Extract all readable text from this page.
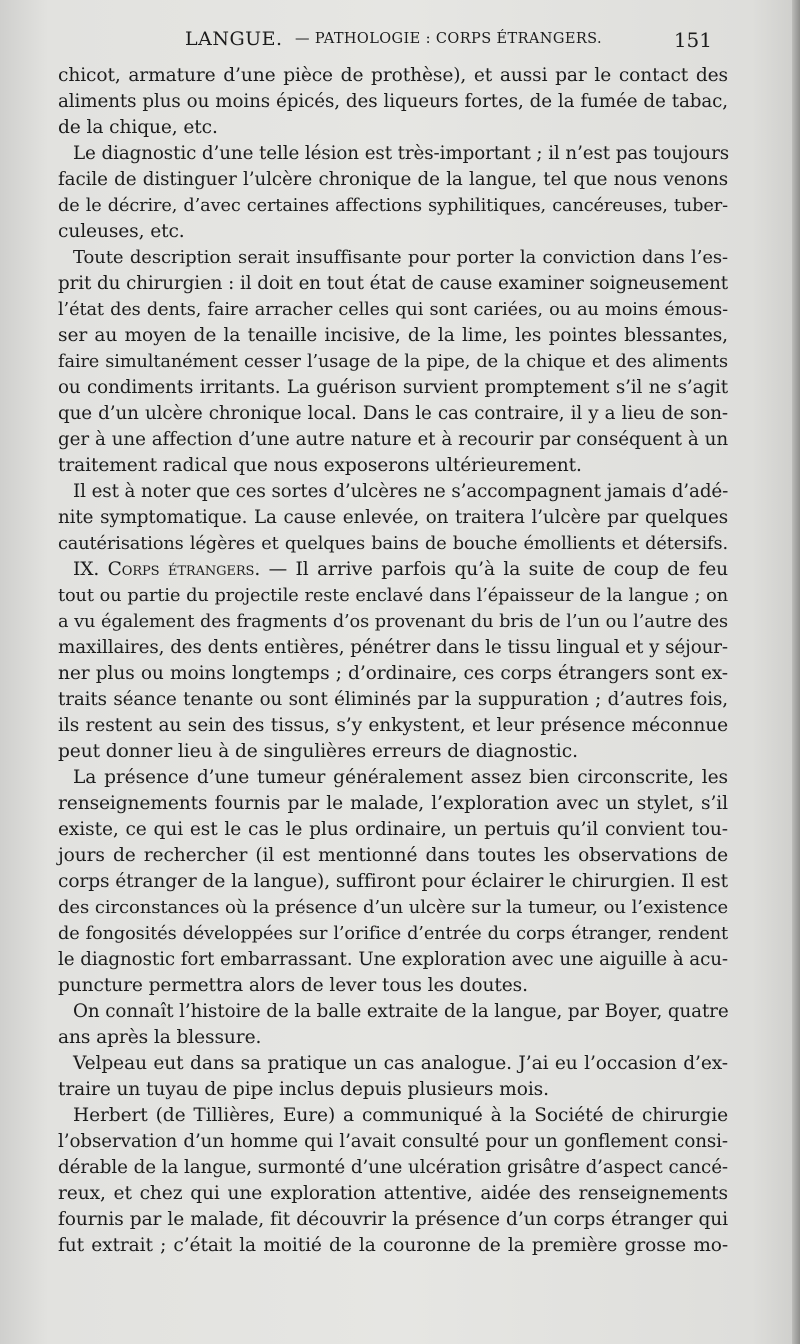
LANGUE. — PATHOLOGIE : CORPS ÉTRANGERS.	151
chicot, armature d’une pièce de prothèse), et aussi par le contact des
aliments plus ou moins épicés, des liqueurs fortes, de la fumée de tabac,
de la chique, etc.
Le diagnostic d’une telle lésion est très-important ; il n’est pas toujours
facile de distinguer l’ulcère chronique de la langue, tel que nous venons
de le décrire, d’avec certaines affections syphilitiques, cancéreuses, tuber-
culeuses, etc.
Toute description serait insuffisante pour porter la conviction dans l’es-
prit du chirurgien : il doit en tout état de cause examiner soigneusement
l’état des dents, faire arracher celles qui sont cariées, ou au moins émous-
ser au moyen de la tenaille incisive, de la lime, les pointes blessantes,
faire simultanément cesser l’usage de la pipe, de la chique et des aliments
ou condiments irritants. La guérison survient promptement s’il ne s’agit
que d’un ulcère chronique local. Dans le cas contraire, il y a lieu de son-
ger à une affection d’une autre nature et à recourir par conséquent à un
traitement radical que nous exposerons ultérieurement.
Il est à noter que ces sortes d’ulcères ne s’accompagnent jamais d’adé-
nite symptomatique. La cause enlevée, on traitera l’ulcère par quelques
cautérisations légères et quelques bains de bouche émollients et détersifs.
IX. Corps étrangers. — Il arrive parfois qu’à la suite de coup de feu
tout ou partie du projectile reste enclavé dans l’épaisseur de la langue ; on
a vu également des fragments d’os provenant du bris de l’un ou l’autre des
maxillaires, des dents entières, pénétrer dans le tissu lingual et y séjour-
ner plus ou moins longtemps ; d’ordinaire, ces corps étrangers sont ex-
traits séance tenante ou sont éliminés par la suppuration ; d’autres fois,
ils restent au sein des tissus, s’y enkystent, et leur présence méconnue
peut donner lieu à de singulières erreurs de diagnostic.
La présence d’une tumeur généralement assez bien circonscrite, les
renseignements fournis par le malade, l’exploration avec un stylet, s’il
existe, ce qui est le cas le plus ordinaire, un pertuis qu’il convient tou-
jours de rechercher (il est mentionné dans toutes les observations de
corps étranger de la langue), suffiront pour éclairer le chirurgien. Il est
des circonstances où la présence d’un ulcère sur la tumeur, ou l’existence
de fongosités développées sur l’orifice d’entrée du corps étranger, rendent
le diagnostic fort embarrassant. Une exploration avec une aiguille à acu-
puncture permettra alors de lever tous les doutes.
On connaît l’histoire de la balle extraite de la langue, par Boyer, quatre
ans après la blessure.
Velpeau eut dans sa pratique un cas analogue. J’ai eu l’occasion d’ex-
traire un tuyau de pipe inclus depuis plusieurs mois.
Herbert (de Tillières, Eure) a communiqué à la Société de chirurgie
l’observation d’un homme qui l’avait consulté pour un gonflement consi-
dérable de la langue, surmonté d’une ulcération grisâtre d’aspect cancé-
reux, et chez qui une exploration attentive, aidée des renseignements
fournis par le malade, fit découvrir la présence d’un corps étranger qui
fut extrait ; c’était la moitié de la couronne de la première grosse mo-
